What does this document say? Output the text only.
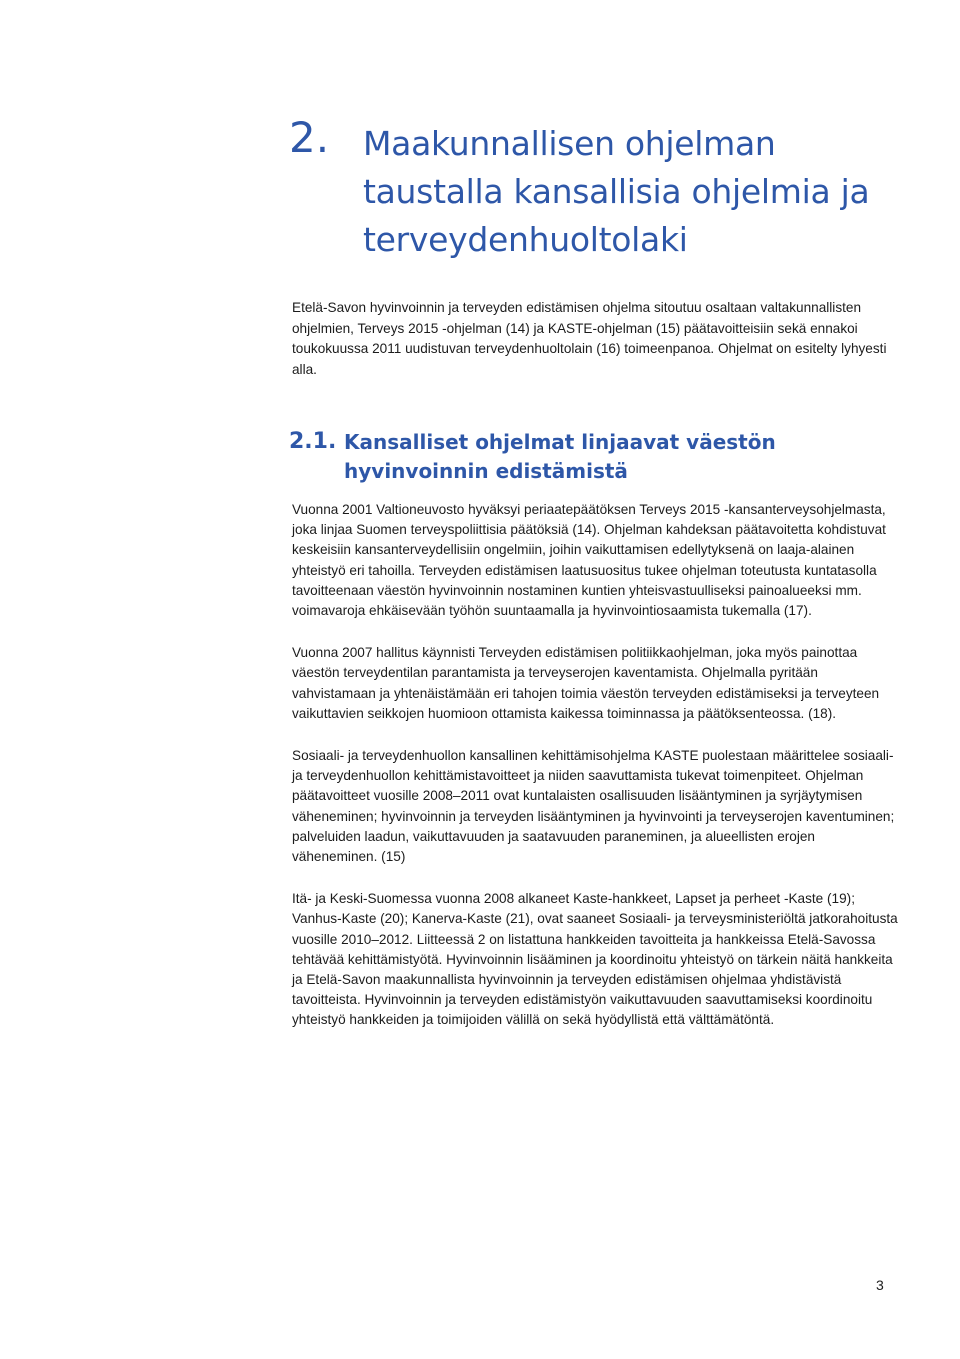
2. Maakunnallisen ohjelman
taustalla kansallisia ohjelmia ja
terveydenhuoltolaki

Etelä-Savon hyvinvoinnin ja terveyden edistämisen ohjelma sitoutuu osaltaan valtakunnallisten ohjelmien, Terveys 2015 -ohjelman (14) ja KASTE-ohjelman (15) päätavoitteisiin sekä ennakoi toukokuussa 2011 uudistuvan terveydenhuoltolain (16) toimeenpanoa. Ohjelmat on esitelty lyhyesti alla.

2.1. Kansalliset ohjelmat linjaavat väestön
hyvinvoinnin edistämistä

Vuonna 2001 Valtioneuvosto hyväksyi periaatepäätöksen Terveys 2015 -kansanterveysohjelmasta, joka linjaa Suomen terveyspoliittisia päätöksiä (14). Ohjelman kahdeksan päätavoitetta kohdistuvat keskeisiin kansanterveydellisiin ongelmiin, joihin vaikuttamisen edellytyksenä on laaja-alainen yhteistyö eri tahoilla. Terveyden edistämisen laatusuositus tukee ohjelman toteutusta kuntatasolla tavoitteenaan väestön hyvinvoinnin nostaminen kuntien yhteisvastuulliseksi painoalueeksi mm. voimavaroja ehkäisevään työhön suuntaamalla ja hyvinvointiosaamista tukemalla (17).

Vuonna 2007 hallitus käynnisti Terveyden edistämisen politiikkaohjelman, joka myös painottaa väestön terveydentilan parantamista ja terveyserojen kaventamista. Ohjelmalla pyritään vahvistamaan ja yhtenäistämään eri tahojen toimia väestön terveyden edistämiseksi ja terveyteen vaikuttavien seikkojen huomioon ottamista kaikessa toiminnassa ja päätöksenteossa. (18).

Sosiaali- ja terveydenhuollon kansallinen kehittämisohjelma KASTE puolestaan määrittelee sosiaali- ja terveydenhuollon kehittämistavoitteet ja niiden saavuttamista tukevat toimenpiteet. Ohjelman päätavoitteet vuosille 2008–2011 ovat kuntalaisten osallisuuden lisääntyminen ja syrjäytymisen väheneminen; hyvinvoinnin ja terveyden lisääntyminen ja hyvinvointi ja terveyserojen kaventuminen; palveluiden laadun, vaikuttavuuden ja saatavuuden paraneminen, ja alueellisten erojen väheneminen. (15)

Itä- ja Keski-Suomessa vuonna 2008 alkaneet Kaste-hankkeet, Lapset ja perheet -Kaste (19); Vanhus-Kaste (20); Kanerva-Kaste (21), ovat saaneet Sosiaali- ja terveysministeriöltä jatkorahoitusta vuosille 2010–2012. Liitteessä 2 on listattuna hankkeiden tavoitteita ja hankkeissa Etelä-Savossa tehtävää kehittämistyötä. Hyvinvoinnin lisääminen ja koordinoitu yhteistyö on tärkein näitä hankkeita ja Etelä-Savon maakunnallista hyvinvoinnin ja terveyden edistämisen ohjelmaa yhdistävistä tavoitteista. Hyvinvoinnin ja terveyden edistämistyön vaikuttavuuden saavuttamiseksi koordinoitu yhteistyö hankkeiden ja toimijoiden välillä on sekä hyödyllistä että välttämätöntä.

3
